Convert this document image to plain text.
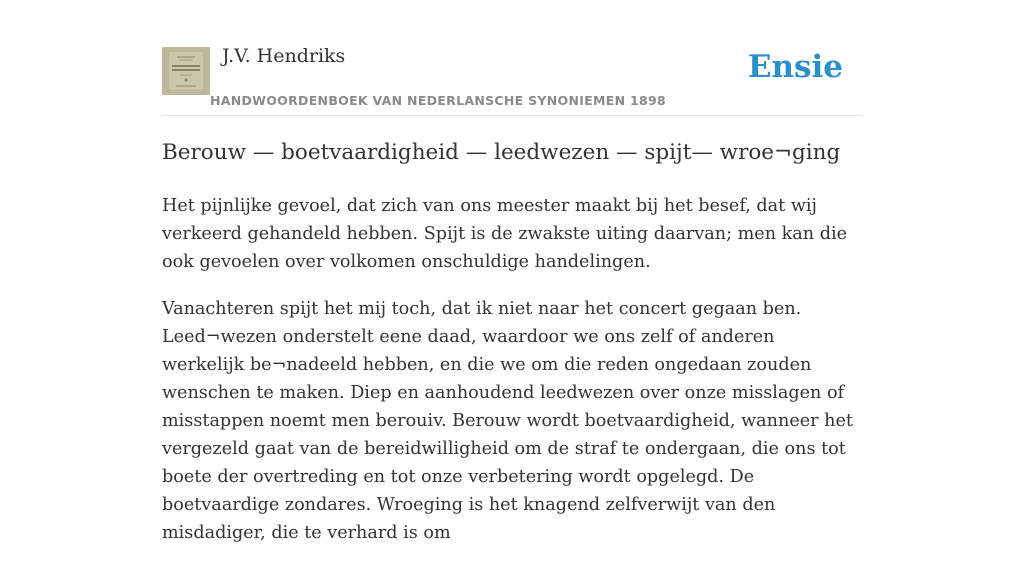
J.V. Hendriks
HANDWOORDENBOEK VAN NEDERLANSCHE SYNONIEMEN 1898
Ensie
Berouw — boetvaardigheid — leedwezen — spijt— wroe¬ging

Het pijnlijke gevoel, dat zich van ons meester maakt bij het besef, dat wij verkeerd gehandeld hebben. Spijt is de zwakste uiting daarvan; men kan die ook gevoelen over volkomen onschuldige handelingen.

Vanachteren spijt het mij toch, dat ik niet naar het concert gegaan ben. Leed¬wezen onderstelt eene daad, waardoor we ons zelf of anderen werkelijk be¬nadeeld hebben, en die we om die reden ongedaan zouden wenschen te maken. Diep en aanhoudend leedwezen over onze misslagen of misstappen noemt men berouiv. Berouw wordt boetvaardigheid, wanneer het vergezeld gaat van de bereidwilligheid om de straf te ondergaan, die ons tot boete der overtreding en tot onze verbetering wordt opgelegd. De boetvaardige zondares. Wroeging is het knagend zelfverwijt van den misdadiger, die te verhard is om
